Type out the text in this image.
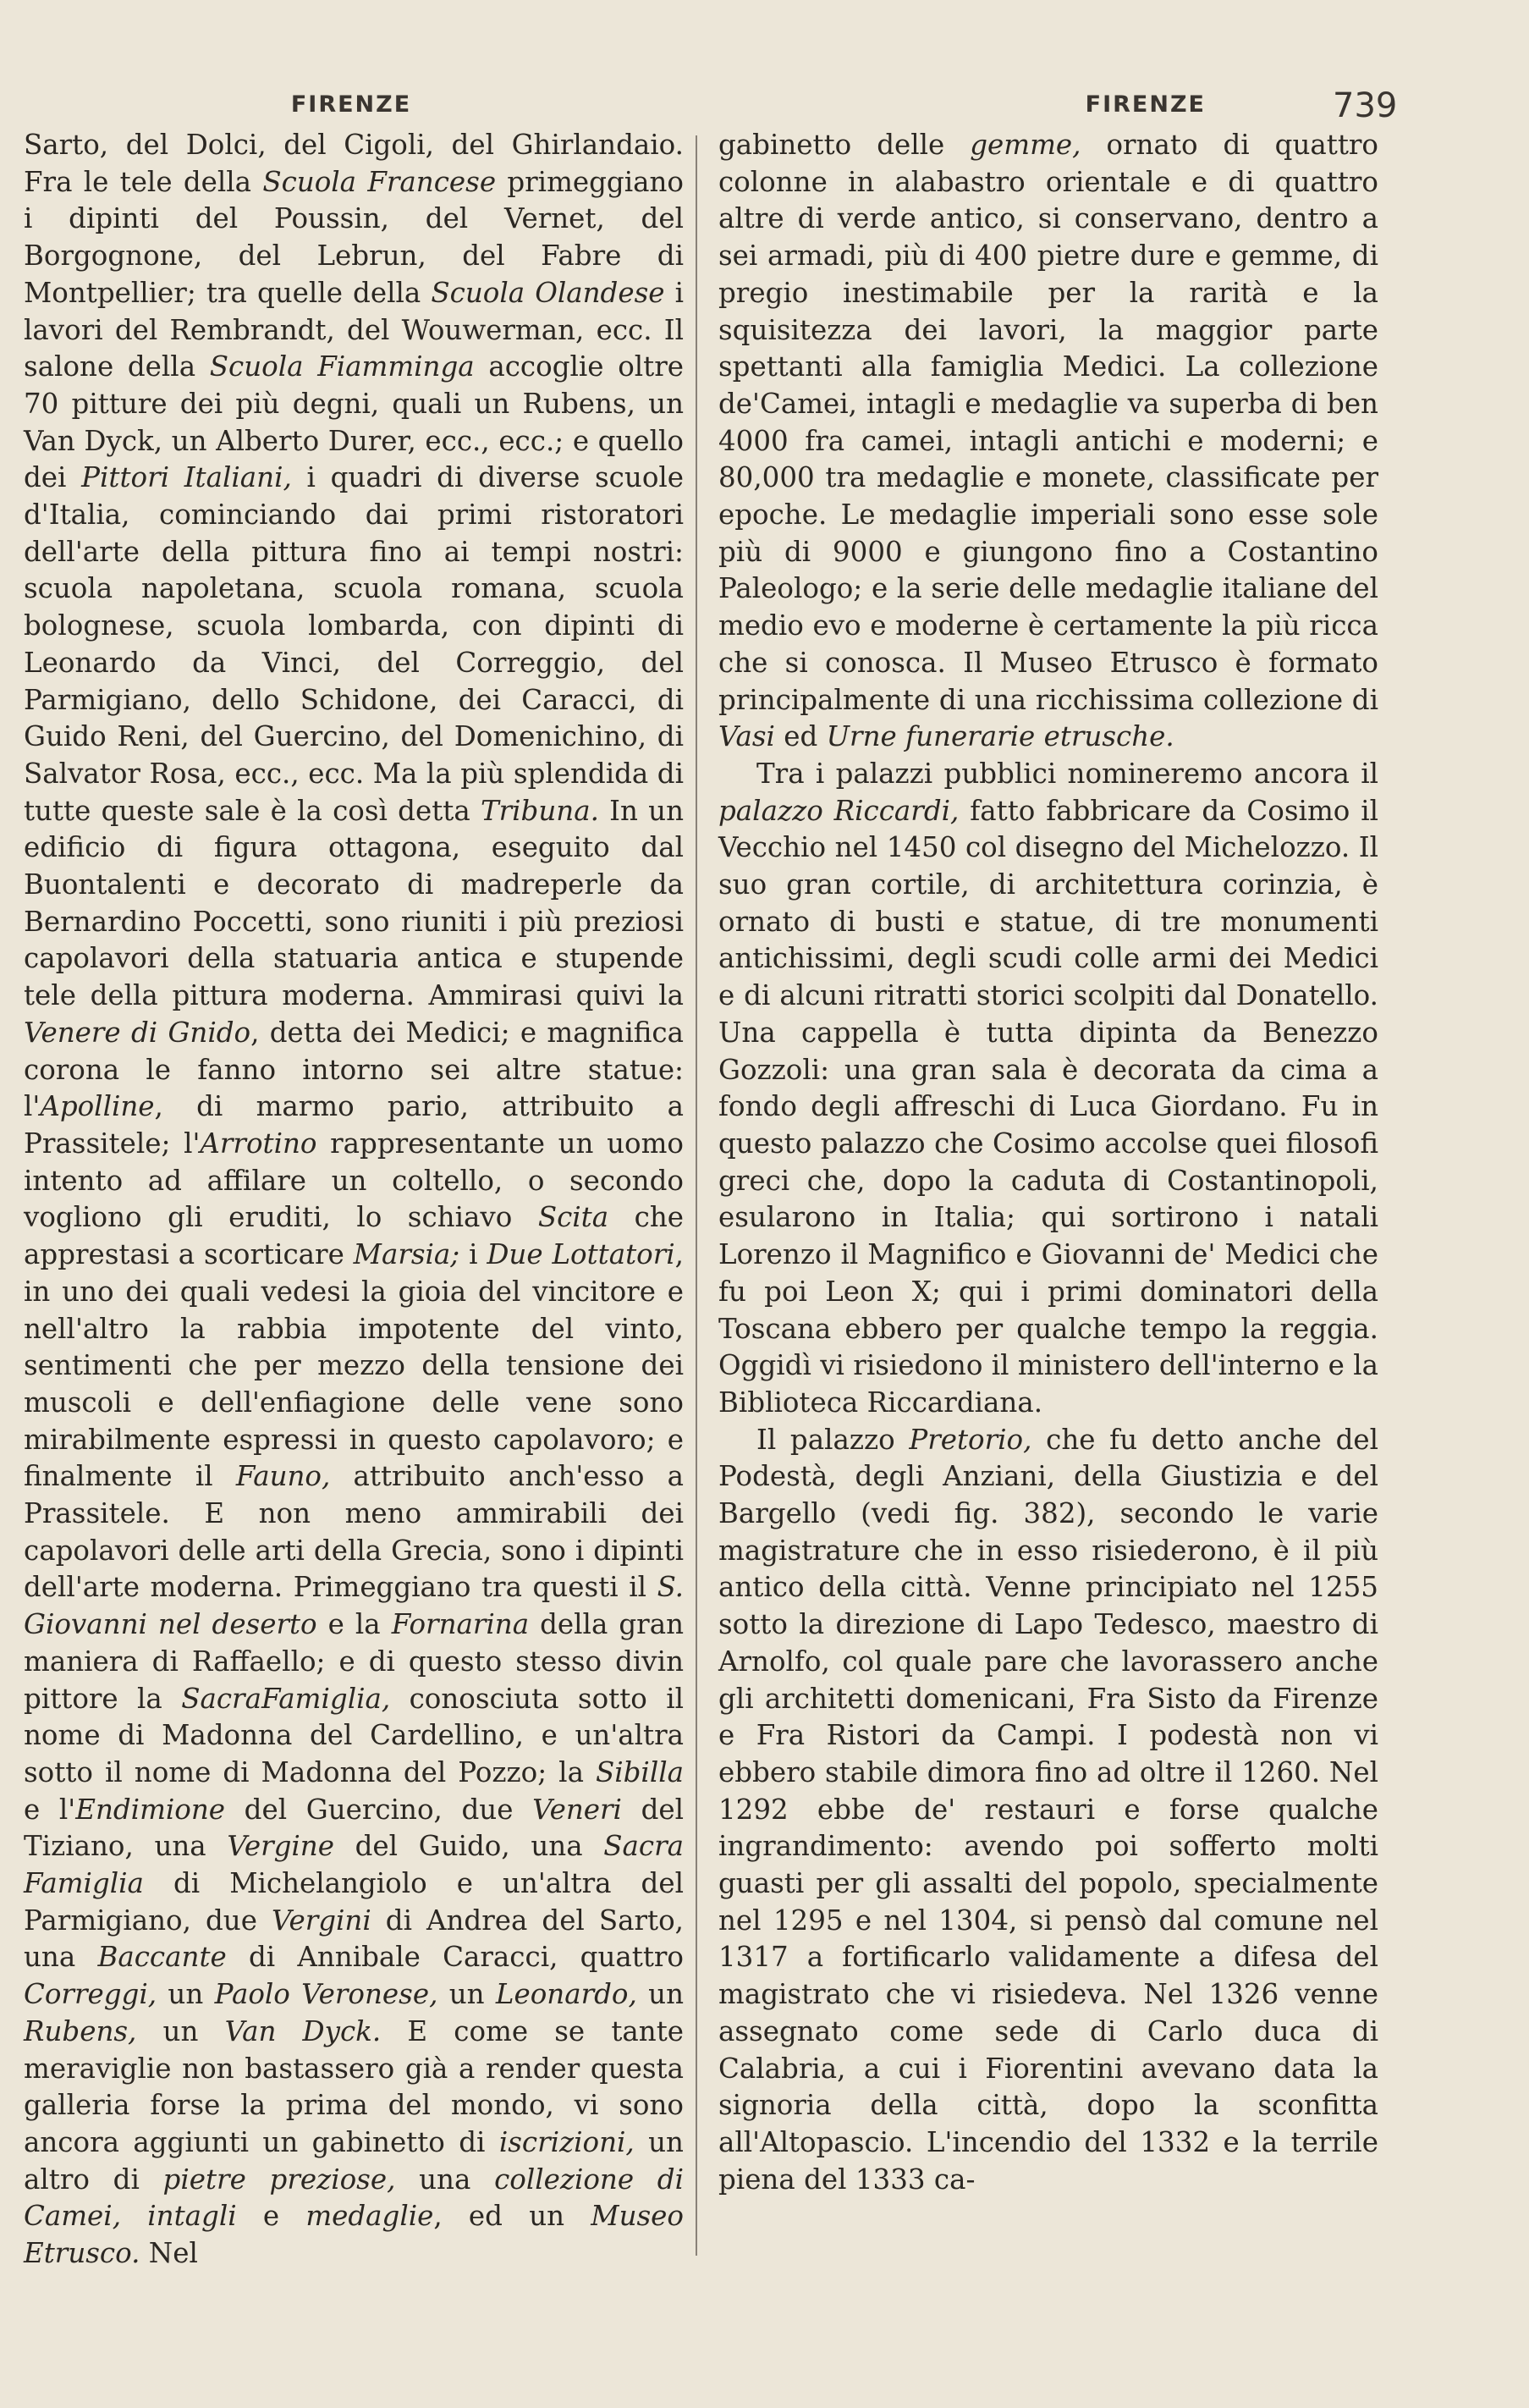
FIRENZE	FIRENZE	739

Sarto, del Dolci, del Cigoli, del Ghirlandaio. Fra le tele della Scuola Francese primeggiano i dipinti del Poussin, del Vernet, del Borgognone, del Lebrun, del Fabre di Montpellier; tra quelle della Scuola Olandese i lavori del Rembrandt, del Wouwerman, ecc. Il salone della Scuola Fiamminga accoglie oltre 70 pitture dei più degni, quali un Rubens, un Van Dyck, un Alberto Durer, ecc., ecc.; e quello dei Pittori Italiani, i quadri di diverse scuole d'Italia, cominciando dai primi ristoratori dell'arte della pittura fino ai tempi nostri: scuola napoletana, scuola romana, scuola bolognese, scuola lombarda, con dipinti di Leonardo da Vinci, del Correggio, del Parmigiano, dello Schidone, dei Caracci, di Guido Reni, del Guercino, del Domenichino, di Salvator Rosa, ecc., ecc. Ma la più splendida di tutte queste sale è la così detta Tribuna. In un edificio di figura ottagona, eseguito dal Buontalenti e decorato di madreperle da Bernardino Poccetti, sono riuniti i più preziosi capolavori della statuaria antica e stupende tele della pittura moderna. Ammirasi quivi la Venere di Gnido, detta dei Medici; e magnifica corona le fanno intorno sei altre statue: l'Apolline, di marmo pario, attribuito a Prassitele; l'Arrotino rappresentante un uomo intento ad affilare un coltello, o secondo vogliono gli eruditi, lo schiavo Scita che apprestasi a scorticare Marsia; i Due Lottatori, in uno dei quali vedesi la gioia del vincitore e nell'altro la rabbia impotente del vinto, sentimenti che per mezzo della tensione dei muscoli e dell'enfiagione delle vene sono mirabilmente espressi in questo capolavoro; e finalmente il Fauno, attribuito anch'esso a Prassitele. E non meno ammirabili dei capolavori delle arti della Grecia, sono i dipinti dell'arte moderna. Primeggiano tra questi il S. Giovanni nel deserto e la Fornarina della gran maniera di Raffaello; e di questo stesso divin pittore la SacraFamiglia, conosciuta sotto il nome di Madonna del Cardellino, e un'altra sotto il nome di Madonna del Pozzo; la Sibilla e l'Endimione del Guercino, due Veneri del Tiziano, una Vergine del Guido, una Sacra Famiglia di Michelangiolo e un'altra del Parmigiano, due Vergini di Andrea del Sarto, una Baccante di Annibale Caracci, quattro Correggi, un Paolo Veronese, un Leonardo, un Rubens, un Van Dyck. E come se tante meraviglie non bastassero già a render questa galleria forse la prima del mondo, vi sono ancora aggiunti un gabinetto di iscrizioni, un altro di pietre preziose, una collezione di Camei, intagli e medaglie, ed un Museo Etrusco. Nel

gabinetto delle gemme, ornato di quattro colonne in alabastro orientale e di quattro altre di verde antico, si conservano, dentro a sei armadi, più di 400 pietre dure e gemme, di pregio inestimabile per la rarità e la squisitezza dei lavori, la maggior parte spettanti alla famiglia Medici. La collezione de'Camei, intagli e medaglie va superba di ben 4000 fra camei, intagli antichi e moderni; e 80,000 tra medaglie e monete, classificate per epoche. Le medaglie imperiali sono esse sole più di 9000 e giungono fino a Costantino Paleologo; e la serie delle medaglie italiane del medio evo e moderne è certamente la più ricca che si conosca. Il Museo Etrusco è formato principalmente di una ricchissima collezione di Vasi ed Urne funerarie etrusche.

Tra i palazzi pubblici nomineremo ancora il palazzo Riccardi, fatto fabbricare da Cosimo il Vecchio nel 1450 col disegno del Michelozzo. Il suo gran cortile, di architettura corinzia, è ornato di busti e statue, di tre monumenti antichissimi, degli scudi colle armi dei Medici e di alcuni ritratti storici scolpiti dal Donatello. Una cappella è tutta dipinta da Benezzo Gozzoli: una gran sala è decorata da cima a fondo degli affreschi di Luca Giordano. Fu in questo palazzo che Cosimo accolse quei filosofi greci che, dopo la caduta di Costantinopoli, esularono in Italia; qui sortirono i natali Lorenzo il Magnifico e Giovanni de' Medici che fu poi Leon X; qui i primi dominatori della Toscana ebbero per qualche tempo la reggia. Oggidì vi risiedono il ministero dell'interno e la Biblioteca Riccardiana.

Il palazzo Pretorio, che fu detto anche del Podestà, degli Anziani, della Giustizia e del Bargello (vedi fig. 382), secondo le varie magistrature che in esso risiederono, è il più antico della città. Venne principiato nel 1255 sotto la direzione di Lapo Tedesco, maestro di Arnolfo, col quale pare che lavorassero anche gli architetti domenicani, Fra Sisto da Firenze e Fra Ristori da Campi. I podestà non vi ebbero stabile dimora fino ad oltre il 1260. Nel 1292 ebbe de' restauri e forse qualche ingrandimento: avendo poi sofferto molti guasti per gli assalti del popolo, specialmente nel 1295 e nel 1304, si pensò dal comune nel 1317 a fortificarlo validamente a difesa del magistrato che vi risiedeva. Nel 1326 venne assegnato come sede di Carlo duca di Calabria, a cui i Fiorentini avevano data la signoria della città, dopo la sconfitta all'Altopascio. L'incendio del 1332 e la terrile piena del 1333 ca-
